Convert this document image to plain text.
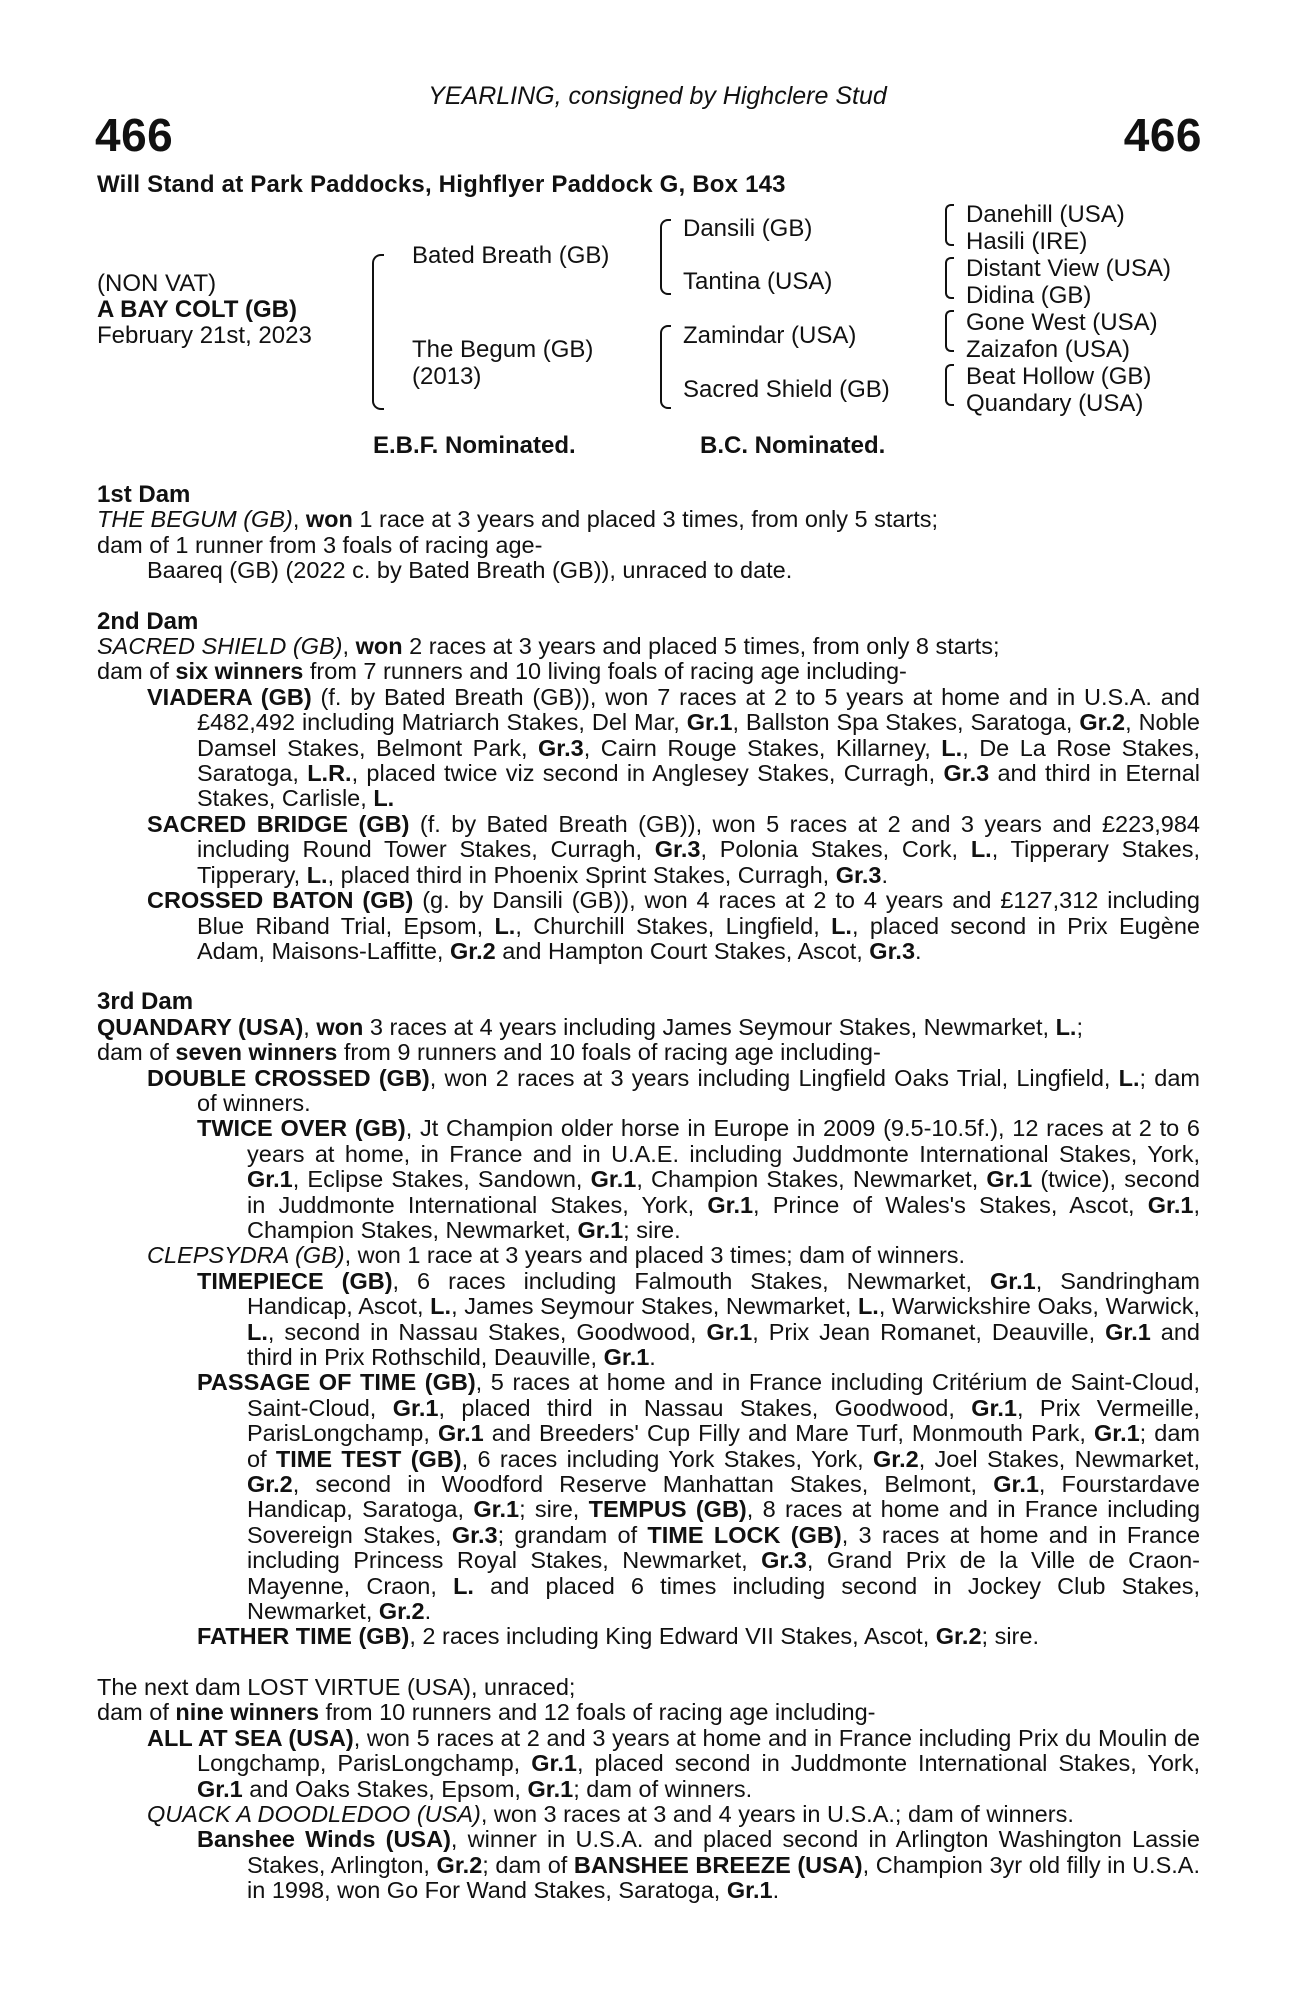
YEARLING, consigned by Highclere Stud
466	466
Will Stand at Park Paddocks, Highflyer Paddock G, Box 143
(NON VAT)
A BAY COLT (GB)
February 21st, 2023
Bated Breath (GB)
The Begum (GB)
(2013)
Dansili (GB)
Tantina (USA)
Zamindar (USA)
Sacred Shield (GB)
Danehill (USA)
Hasili (IRE)
Distant View (USA)
Didina (GB)
Gone West (USA)
Zaizafon (USA)
Beat Hollow (GB)
Quandary (USA)
E.B.F. Nominated.	B.C. Nominated.

1st Dam

THE BEGUM (GB), won 1 race at 3 years and placed 3 times, from only 5 starts;

dam of 1 runner from 3 foals of racing age-

Baareq (GB) (2022 c. by Bated Breath (GB)), unraced to date.

2nd Dam

SACRED SHIELD (GB), won 2 races at 3 years and placed 5 times, from only 8 starts;

dam of six winners from 7 runners and 10 living foals of racing age including-

VIADERA (GB) (f. by Bated Breath (GB)), won 7 races at 2 to 5 years at home and in U.S.A. and £482,492 including Matriarch Stakes, Del Mar, Gr.1, Ballston Spa Stakes, Saratoga, Gr.2, Noble Damsel Stakes, Belmont Park, Gr.3, Cairn Rouge Stakes, Killarney, L., De La Rose Stakes, Saratoga, L.R., placed twice viz second in Anglesey Stakes, Curragh, Gr.3 and third in Eternal Stakes, Carlisle, L.

SACRED BRIDGE (GB) (f. by Bated Breath (GB)), won 5 races at 2 and 3 years and £223,984 including Round Tower Stakes, Curragh, Gr.3, Polonia Stakes, Cork, L., Tipperary Stakes, Tipperary, L., placed third in Phoenix Sprint Stakes, Curragh, Gr.3.

CROSSED BATON (GB) (g. by Dansili (GB)), won 4 races at 2 to 4 years and £127,312 including Blue Riband Trial, Epsom, L., Churchill Stakes, Lingfield, L., placed second in Prix Eugène Adam, Maisons-Laffitte, Gr.2 and Hampton Court Stakes, Ascot, Gr.3.

3rd Dam

QUANDARY (USA), won 3 races at 4 years including James Seymour Stakes, Newmarket, L.;

dam of seven winners from 9 runners and 10 foals of racing age including-

DOUBLE CROSSED (GB), won 2 races at 3 years including Lingfield Oaks Trial, Lingfield, L.; dam of winners.

TWICE OVER (GB), Jt Champion older horse in Europe in 2009 (9.5-10.5f.), 12 races at 2 to 6 years at home, in France and in U.A.E. including Juddmonte International Stakes, York, Gr.1, Eclipse Stakes, Sandown, Gr.1, Champion Stakes, Newmarket, Gr.1 (twice), second in Juddmonte International Stakes, York, Gr.1, Prince of Wales's Stakes, Ascot, Gr.1, Champion Stakes, Newmarket, Gr.1; sire.

CLEPSYDRA (GB), won 1 race at 3 years and placed 3 times; dam of winners.

TIMEPIECE (GB), 6 races including Falmouth Stakes, Newmarket, Gr.1, Sandringham Handicap, Ascot, L., James Seymour Stakes, Newmarket, L., Warwickshire Oaks, Warwick, L., second in Nassau Stakes, Goodwood, Gr.1, Prix Jean Romanet, Deauville, Gr.1 and third in Prix Rothschild, Deauville, Gr.1.

PASSAGE OF TIME (GB), 5 races at home and in France including Critérium de Saint-Cloud, Saint-Cloud, Gr.1, placed third in Nassau Stakes, Goodwood, Gr.1, Prix Vermeille, ParisLongchamp, Gr.1 and Breeders' Cup Filly and Mare Turf, Monmouth Park, Gr.1; dam of TIME TEST (GB), 6 races including York Stakes, York, Gr.2, Joel Stakes, Newmarket, Gr.2, second in Woodford Reserve Manhattan Stakes, Belmont, Gr.1, Fourstardave Handicap, Saratoga, Gr.1; sire, TEMPUS (GB), 8 races at home and in France including Sovereign Stakes, Gr.3; grandam of TIME LOCK (GB), 3 races at home and in France including Princess Royal Stakes, Newmarket, Gr.3, Grand Prix de la Ville de Craon-Mayenne, Craon, L. and placed 6 times including second in Jockey Club Stakes, Newmarket, Gr.2.

FATHER TIME (GB), 2 races including King Edward VII Stakes, Ascot, Gr.2; sire.

The next dam LOST VIRTUE (USA), unraced;

dam of nine winners from 10 runners and 12 foals of racing age including-

ALL AT SEA (USA), won 5 races at 2 and 3 years at home and in France including Prix du Moulin de Longchamp, ParisLongchamp, Gr.1, placed second in Juddmonte International Stakes, York, Gr.1 and Oaks Stakes, Epsom, Gr.1; dam of winners.

QUACK A DOODLEDOO (USA), won 3 races at 3 and 4 years in U.S.A.; dam of winners.

Banshee Winds (USA), winner in U.S.A. and placed second in Arlington Washington Lassie Stakes, Arlington, Gr.2; dam of BANSHEE BREEZE (USA), Champion 3yr old filly in U.S.A. in 1998, won Go For Wand Stakes, Saratoga, Gr.1.
